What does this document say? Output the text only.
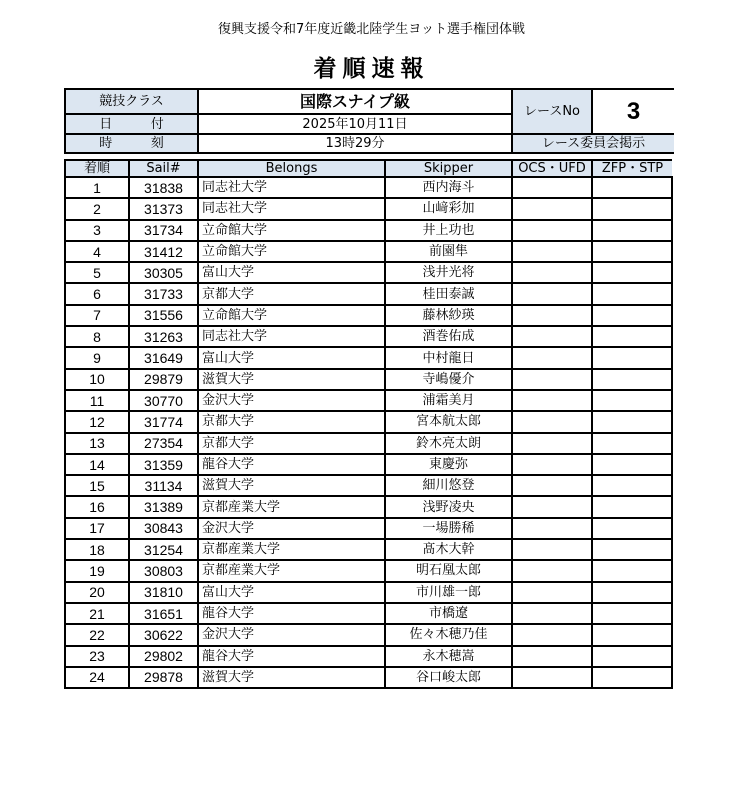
復興支援令和7年度近畿北陸学生ヨット選手権団体戦
着順速報
競技クラス	国際スナイプ級	レースNo	3

日 付	2025年10月11日		

時 刻	13時29分	レース委員会掲示	
着順	Sail#	Belongs	Skipper	OCS・UFD	ZFP・STP
1	31838	同志社大学	西内海斗		
2	31373	同志社大学	山﨑彩加		
3	31734	立命館大学	井上功也		
4	31412	立命館大学	前園隼		
5	30305	富山大学	浅井光将		
6	31733	京都大学	桂田泰誠		
7	31556	立命館大学	藤林紗瑛		
8	31263	同志社大学	酒巻佑成		
9	31649	富山大学	中村龍日		
10	29879	滋賀大学	寺嶋優介		
11	30770	金沢大学	浦霜美月		
12	31774	京都大学	宮本航太郎		
13	27354	京都大学	鈴木亮太朗		
14	31359	龍谷大学	東慶弥		
15	31134	滋賀大学	細川悠登		
16	31389	京都産業大学	浅野凌央		
17	30843	金沢大学	一場勝稀		
18	31254	京都産業大学	髙木大幹		
19	30803	京都産業大学	明石凰太郎		
20	31810	富山大学	市川雄一郎		
21	31651	龍谷大学	市橋遼		
22	30622	金沢大学	佐々木穂乃佳		
23	29802	龍谷大学	永木穂嵩		
24	29878	滋賀大学	谷口峻太郎		
